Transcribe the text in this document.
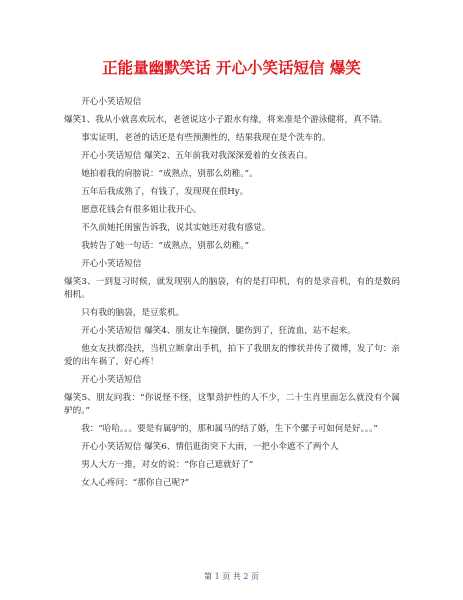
正能量幽默笑话 开心小笑话短信 爆笑

开心小笑话短信

爆笑1、我从小就喜欢玩水，老爸说这小子跟水有缘，将来准是个游泳健将，真不错。

事实证明，老爸的话还是有些预测性的，结果我现在是个洗车的。

开心小笑话短信 爆笑2、五年前我对我深深爱着的女孩表白。

她拍着我的肩膀说：“成熟点，别那么幼稚。”。

五年后我成熟了，有钱了，发现现在很Hy。

愿意花钱会有很多姐让我开心。

不久前她托闺蜜告诉我，说其实她还对我有感觉。

我转告了她一句话：“成熟点，别那么幼稚。”

开心小笑话短信

爆笑3、一到复习时候，就发现别人的脑袋，有的是打印机，有的是录音机，有的是数码相机。

只有我的脑袋，是豆浆机。

开心小笑话短信 爆笑4、朋友让车撞倒，腿伤到了，狂流血，站不起来。

他女友扶都没扶，当机立断拿出手机，拍下了我朋友的惨状并传了微博，发了句：亲爱的出车祸了，好心疼！

开心小笑话短信

爆笑5、朋友问我：“你说怪不怪，这掣劲护性的人不少，二十生肖里面怎么就没有个属驴的。”

我：“哈哈。。。要是有属驴的，那和属马的结了婚，生下个骡子可如何是好。。。”

开心小笑话短信 爆笑6、情侣逛街突下大雨，一把小伞遮不了两个人

男人大方一推，对女的说：“你自己遮就好了”

女人心疼问：“那你自己呢?”

第 1 页 共 2 页
